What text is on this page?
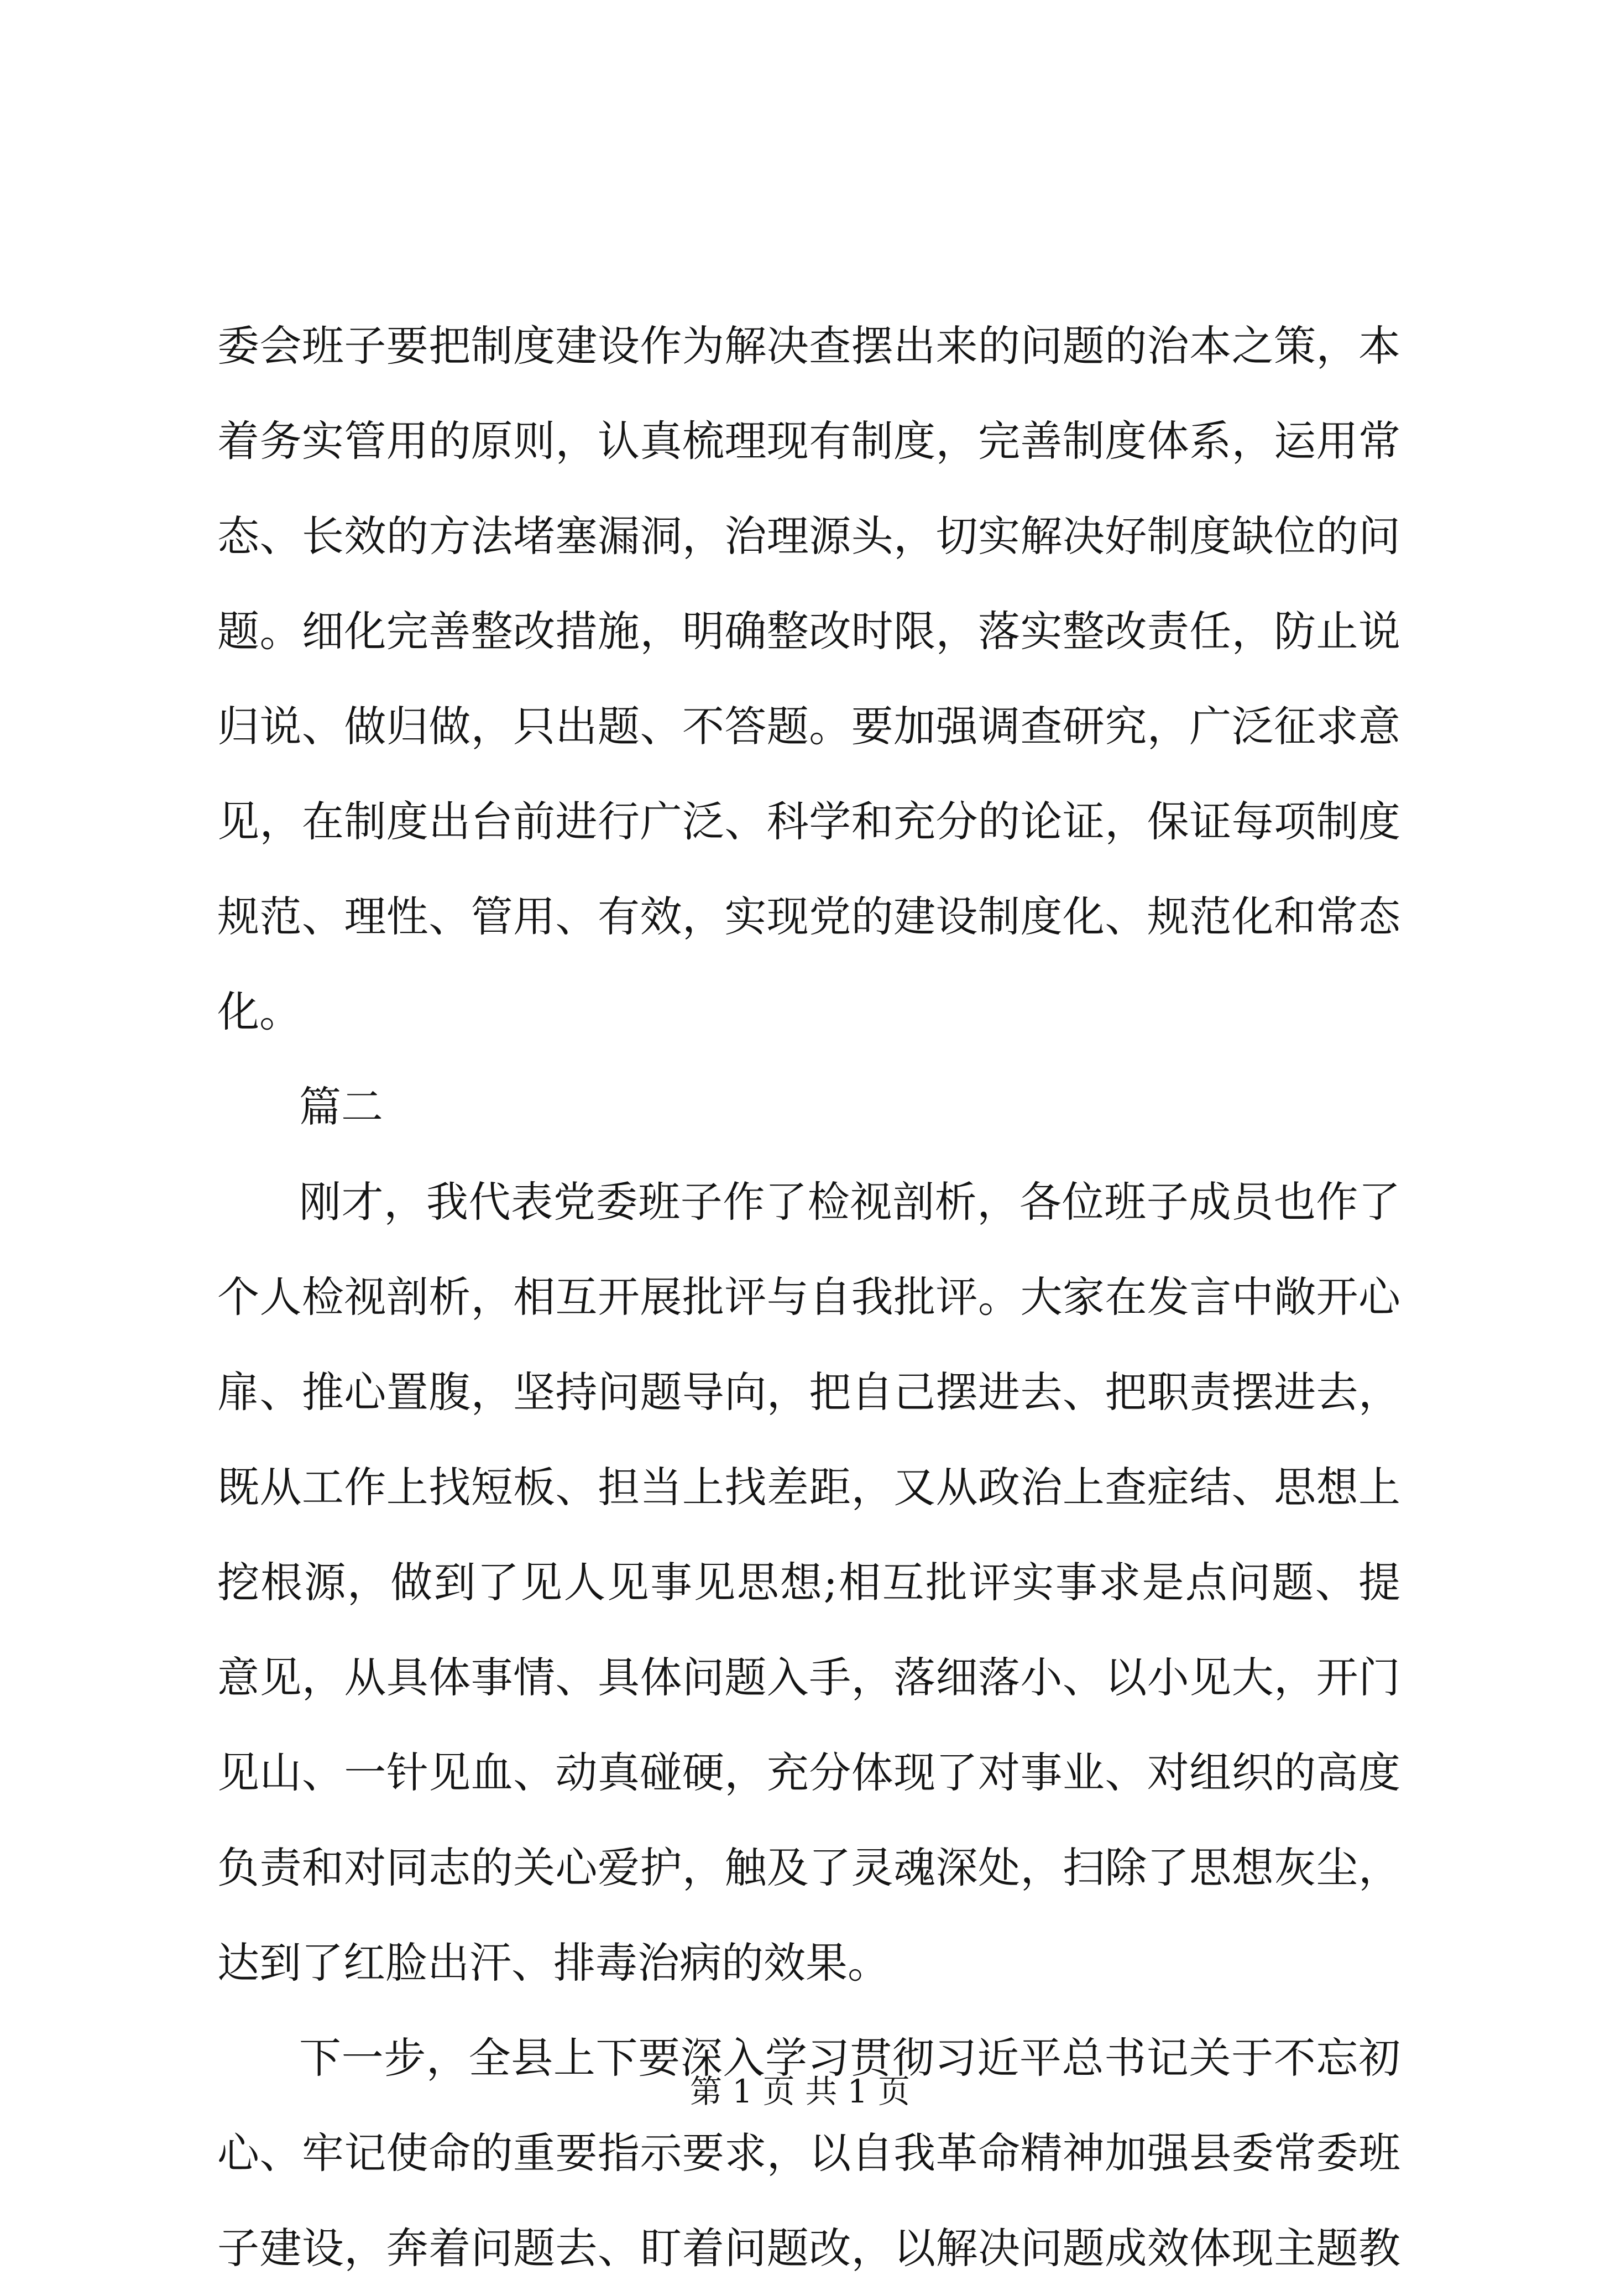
委会班子要把制度建设作为解决查摆出来的问题的治本之策，本
着务实管用的原则，认真梳理现有制度，完善制度体系，运用常
态、长效的方法堵塞漏洞，治理源头，切实解决好制度缺位的问
题。细化完善整改措施，明确整改时限，落实整改责任，防止说
归说、做归做，只出题、不答题。要加强调查研究，广泛征求意
见，在制度出台前进行广泛、科学和充分的论证，保证每项制度
规范、理性、管用、有效，实现党的建设制度化、规范化和常态
化。
篇二
刚才，我代表党委班子作了检视剖析，各位班子成员也作了
个人检视剖析，相互开展批评与自我批评。大家在发言中敞开心
扉、推心置腹，坚持问题导向，把自己摆进去、把职责摆进去，
既从工作上找短板、担当上找差距，又从政治上查症结、思想上
挖根源，做到了见人见事见思想;相互批评实事求是点问题、提
意见，从具体事情、具体问题入手，落细落小、以小见大，开门
见山、一针见血、动真碰硬，充分体现了对事业、对组织的高度
负责和对同志的关心爱护，触及了灵魂深处，扫除了思想灰尘，
达到了红脸出汗、排毒治病的效果。
下一步，全县上下要深入学习贯彻习近平总书记关于不忘初
心、牢记使命的重要指示要求，以自我革命精神加强县委常委班
子建设，奔着问题去、盯着问题改，以解决问题成效体现主题教
第 1 页 共 1 页
